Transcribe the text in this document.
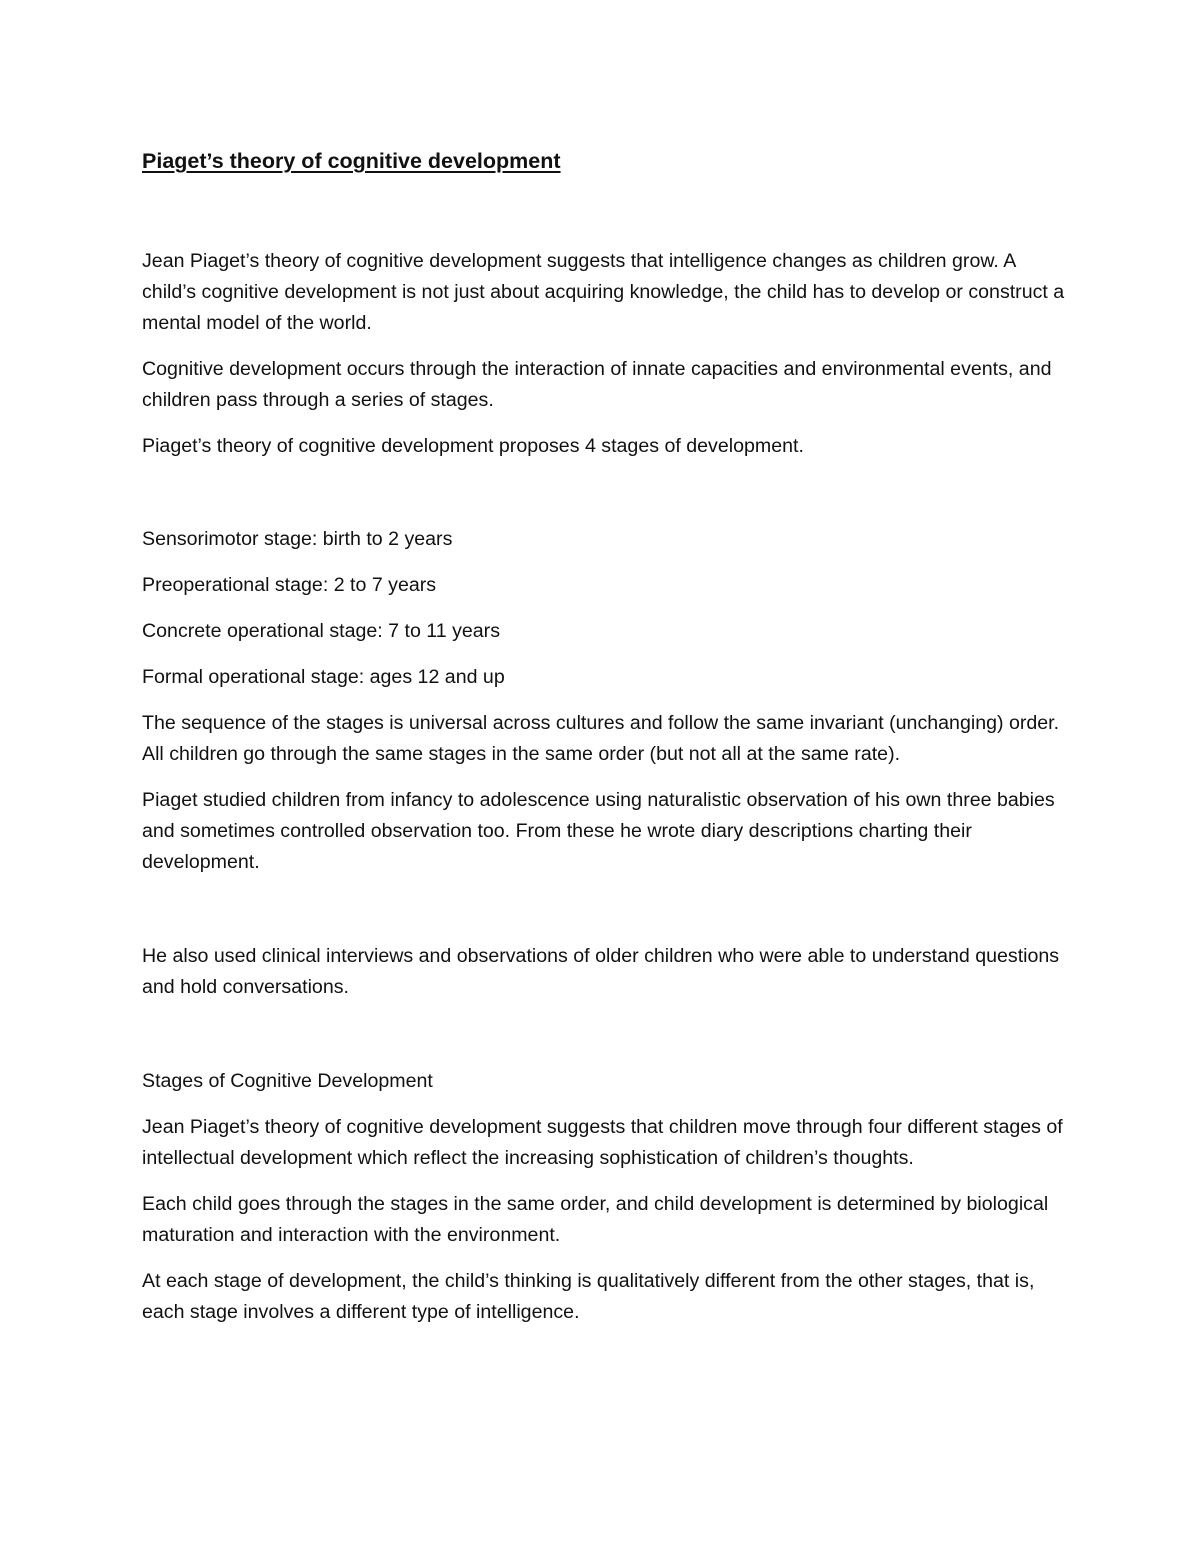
Piaget’s theory of cognitive development

Jean Piaget’s theory of cognitive development suggests that intelligence changes as children grow. A child’s cognitive development is not just about acquiring knowledge, the child has to develop or construct a mental model of the world.

Cognitive development occurs through the interaction of innate capacities and environmental events, and children pass through a series of stages.

Piaget’s theory of cognitive development proposes 4 stages of development.

Sensorimotor stage: birth to 2 years

Preoperational stage: 2 to 7 years

Concrete operational stage: 7 to 11 years

Formal operational stage: ages 12 and up

The sequence of the stages is universal across cultures and follow the same invariant (unchanging) order. All children go through the same stages in the same order (but not all at the same rate).

Piaget studied children from infancy to adolescence using naturalistic observation of his own three babies and sometimes controlled observation too. From these he wrote diary descriptions charting their development.

He also used clinical interviews and observations of older children who were able to understand questions and hold conversations.

Stages of Cognitive Development

Jean Piaget’s theory of cognitive development suggests that children move through four different stages of intellectual development which reflect the increasing sophistication of children’s thoughts.

Each child goes through the stages in the same order, and child development is determined by biological maturation and interaction with the environment.

At each stage of development, the child’s thinking is qualitatively different from the other stages, that is, each stage involves a different type of intelligence.
